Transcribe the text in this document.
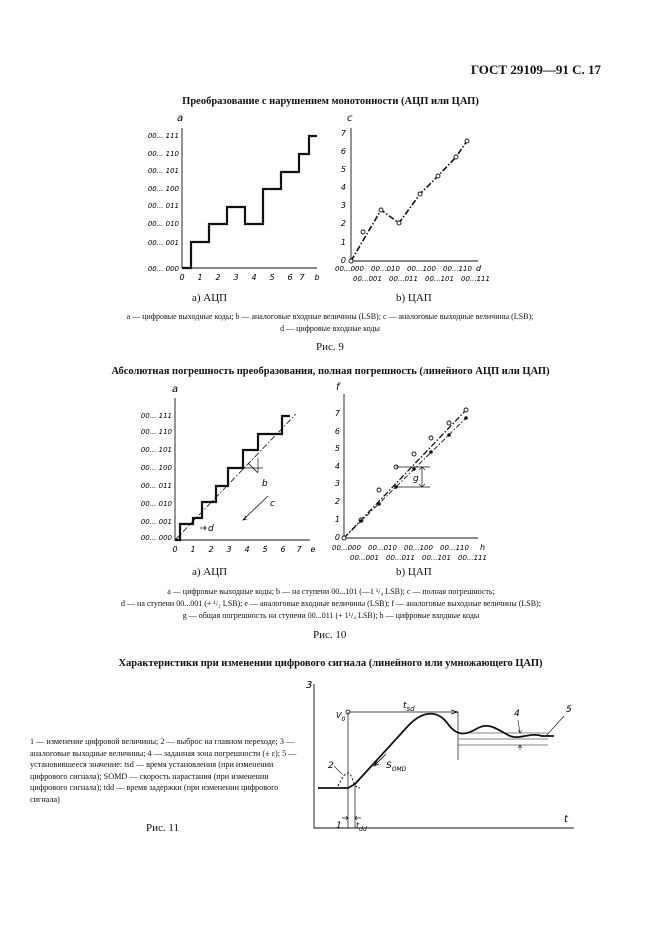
ГОСТ 29109—91 С. 17
Преобразование с нарушением монотонности (АЦП или ЦАП)
a
00... 000
00... 001
00... 010
00... 011
00... 100
00... 101
00... 110
00... 111
0 1 2 3 4 5 6 7 b
c
0
1
2
3
4
5
6
7
00...000 00...010 00...100 00...110
00...001 00...011 00...101 00...111
d
a) АЦП	b) ЦАП
a — цифровые выходные коды; b — аналоговые входные величины (LSB); c — аналоговые выходные величины (LSB);
d — цифровые входные коды
Рис. 9
Абсолютная погрешность преобразования, полная погрешность (линейного АЦП или ЦАП)
a
00... 000
00... 001
00... 010
00... 011
00... 100
00... 101
00... 110
00... 111
0 1 2 3 4 5 6 7 e
d
b
c
f
0
1
2
3
4
5
6
7
00...000 00...010 00...100 00...110
00...001 00...011 00...101 00...111
h
g
a) АЦП	b) ЦАП
a — цифровые выходные коды; b — на ступени 00...101 (—1 ¹/₄ LSB); c — полная погрешность;
d — на ступени 00...001 (+ ¹/₂ LSB); e — аналоговые входные величины (LSB); f — аналоговые выходные величины (LSB);
g — общая погрешность на ступени 00...011 (+ 1¹/₄ LSB); h — цифровые входные коды
Рис. 10
Характеристики при изменении цифрового сигнала (линейного или умножающего ЦАП)
3
t
$V_0$
$t_{sd}$
$S_{OMD}$
2
4	5
1 $t_{dd}$
1 — изменение цифровой величины; 2 — выброс на главном переходе; 3 — аналоговые выходные величины; 4 — заданная зона погрешности (± ε); 5 — установившееся значение: tsd — время установления (при изменении цифрового сигнала); SOMD — скорость нарастания (при изменении цифрового сигнала); tdd — время задержки (при изменении цифрового сигнала)
Рис. 11
